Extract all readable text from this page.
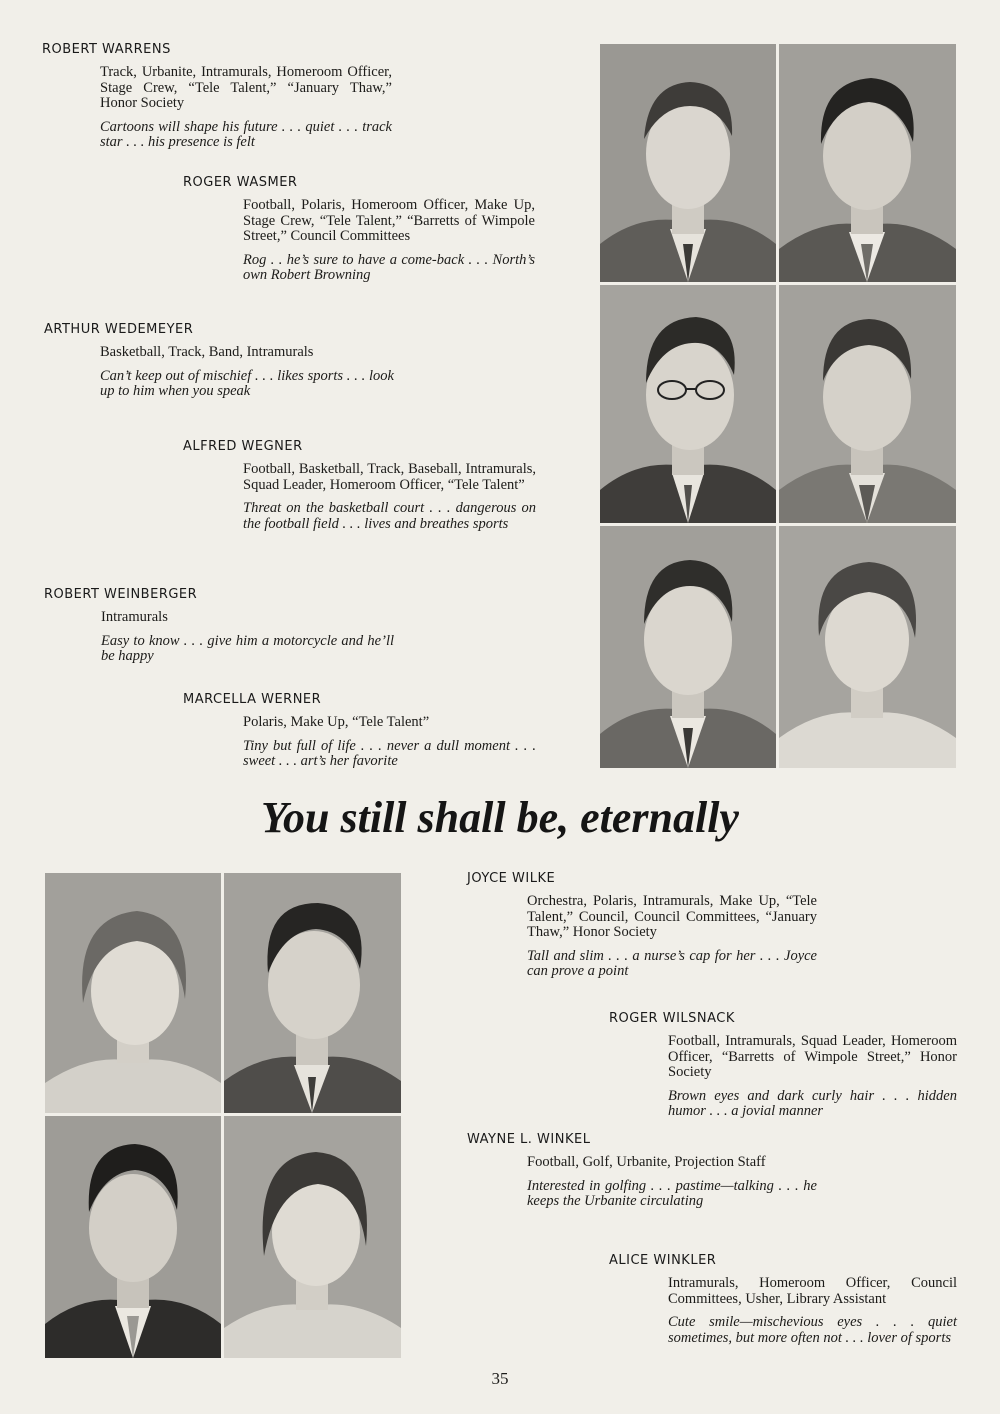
ROBERT WARRENS

Track, Urbanite, Intramurals, Homeroom Officer, Stage Crew, “Tele Talent,” “January Thaw,” Honor Society

Cartoons will shape his future . . . quiet . . . track star . . . his presence is felt

ROGER WASMER

Football, Polaris, Homeroom Officer, Make Up, Stage Crew, “Tele Talent,” “Barretts of Wimpole Street,” Council Committees

Rog . . he’s sure to have a come-back . . . North’s own Robert Browning

ARTHUR WEDEMEYER

Basketball, Track, Band, Intramurals

Can’t keep out of mischief . . . likes sports . . . look up to him when you speak

ALFRED WEGNER

Football, Basketball, Track, Baseball, Intramurals, Squad Leader, Homeroom Officer, “Tele Talent”

Threat on the basketball court . . . dangerous on the football field . . . lives and breathes sports

ROBERT WEINBERGER

Intramurals

Easy to know . . . give him a motorcycle and he’ll be happy

MARCELLA WERNER

Polaris, Make Up, “Tele Talent”

Tiny but full of life . . . never a dull moment . . . sweet . . . art’s her favorite

You still shall be, eternally
JOYCE WILKE

Orchestra, Polaris, Intramurals, Make Up, “Tele Talent,” Council, Council Committees, “January Thaw,” Honor Society

Tall and slim . . . a nurse’s cap for her . . . Joyce can prove a point

ROGER WILSNACK

Football, Intramurals, Squad Leader, Homeroom Officer, “Barretts of Wimpole Street,” Honor Society

Brown eyes and dark curly hair . . . hidden humor . . . a jovial manner

WAYNE L. WINKEL

Football, Golf, Urbanite, Projection Staff

Interested in golfing . . . pastime—talking . . . he keeps the Urbanite circulating

ALICE WINKLER

Intramurals, Homeroom Officer, Council Committees, Usher, Library Assistant

Cute smile—mischevious eyes . . . quiet sometimes, but more often not . . . lover of sports

35
